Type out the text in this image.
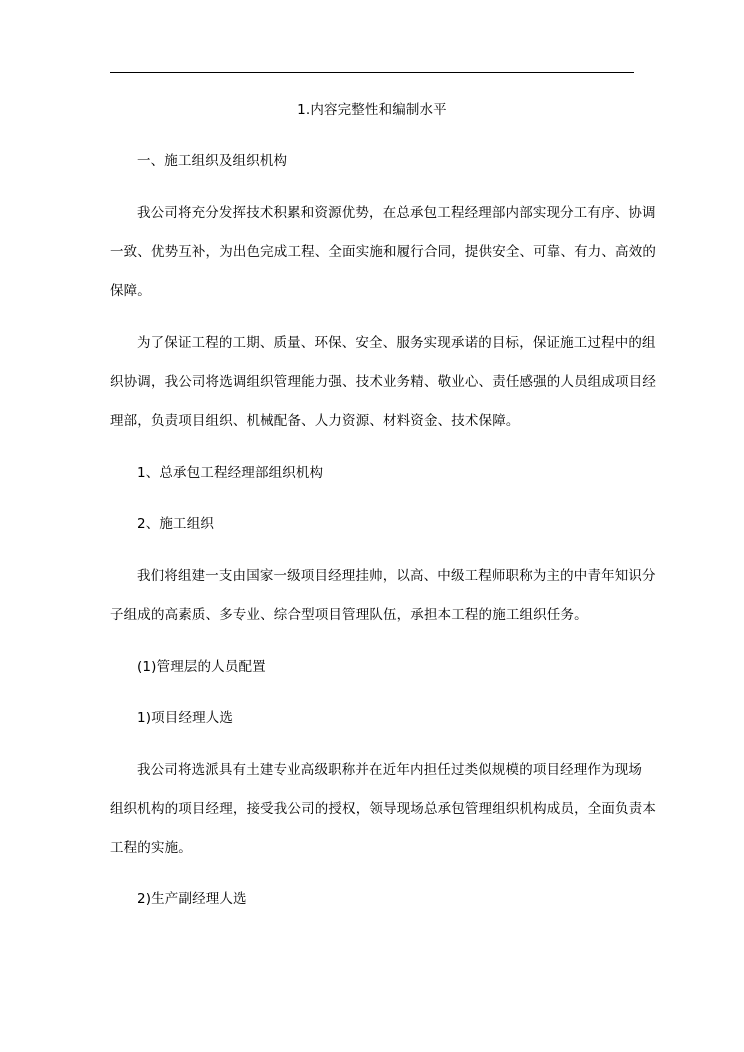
1.内容完整性和编制水平
一、施工组织及组织机构
我公司将充分发挥技术积累和资源优势，在总承包工程经理部内部实现分工有序、协调
一致、优势互补，为出色完成工程、全面实施和履行合同，提供安全、可靠、有力、高效的
保障。
为了保证工程的工期、质量、环保、安全、服务实现承诺的目标，保证施工过程中的组
织协调，我公司将选调组织管理能力强、技术业务精、敬业心、责任感强的人员组成项目经
理部，负责项目组织、机械配备、人力资源、材料资金、技术保障。
1、总承包工程经理部组织机构
2、施工组织
我们将组建一支由国家一级项目经理挂帅，以高、中级工程师职称为主的中青年知识分
子组成的高素质、多专业、综合型项目管理队伍，承担本工程的施工组织任务。
(1)管理层的人员配置
1)项目经理人选
我公司将选派具有土建专业高级职称并在近年内担任过类似规模的项目经理作为现场
组织机构的项目经理，接受我公司的授权，领导现场总承包管理组织机构成员，全面负责本
工程的实施。
2)生产副经理人选
